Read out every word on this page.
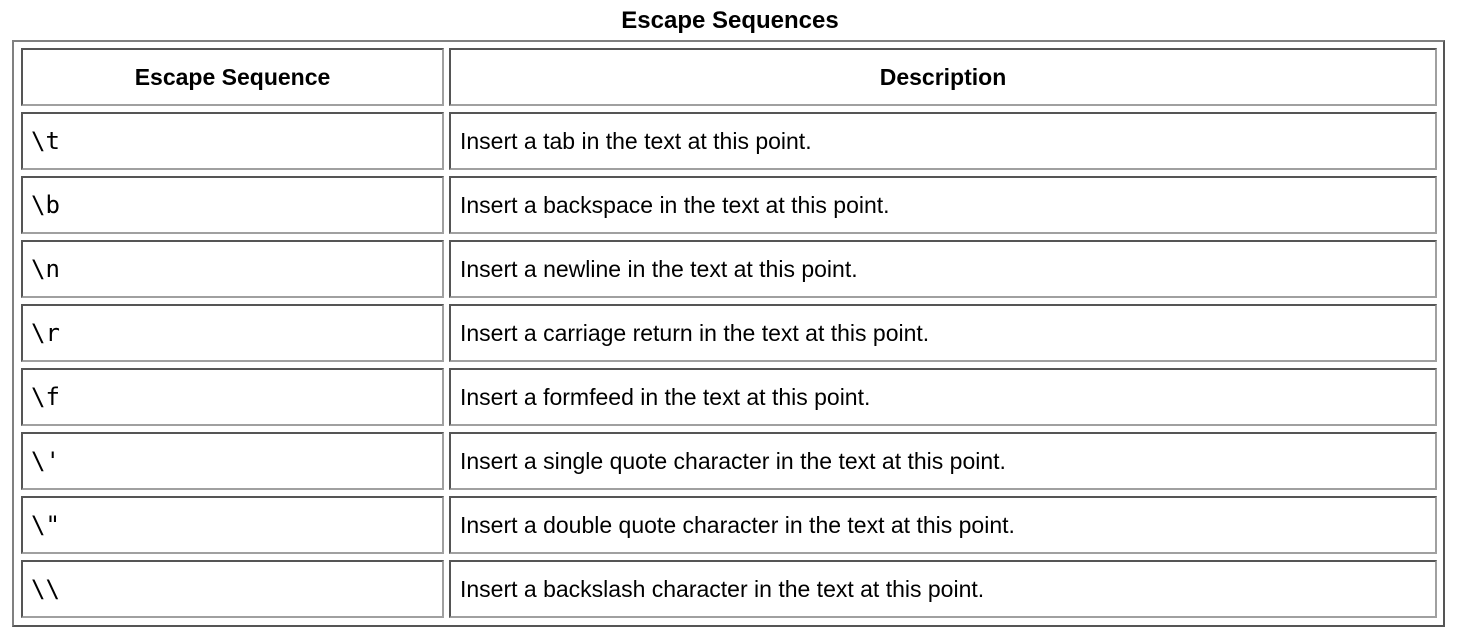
Escape Sequences
Escape Sequence	Description
\t	Insert a tab in the text at this point.
\b	Insert a backspace in the text at this point.
\n	Insert a newline in the text at this point.
\r	Insert a carriage return in the text at this point.
\f	Insert a formfeed in the text at this point.
\'	Insert a single quote character in the text at this point.
\"	Insert a double quote character in the text at this point.
\\	Insert a backslash character in the text at this point.
